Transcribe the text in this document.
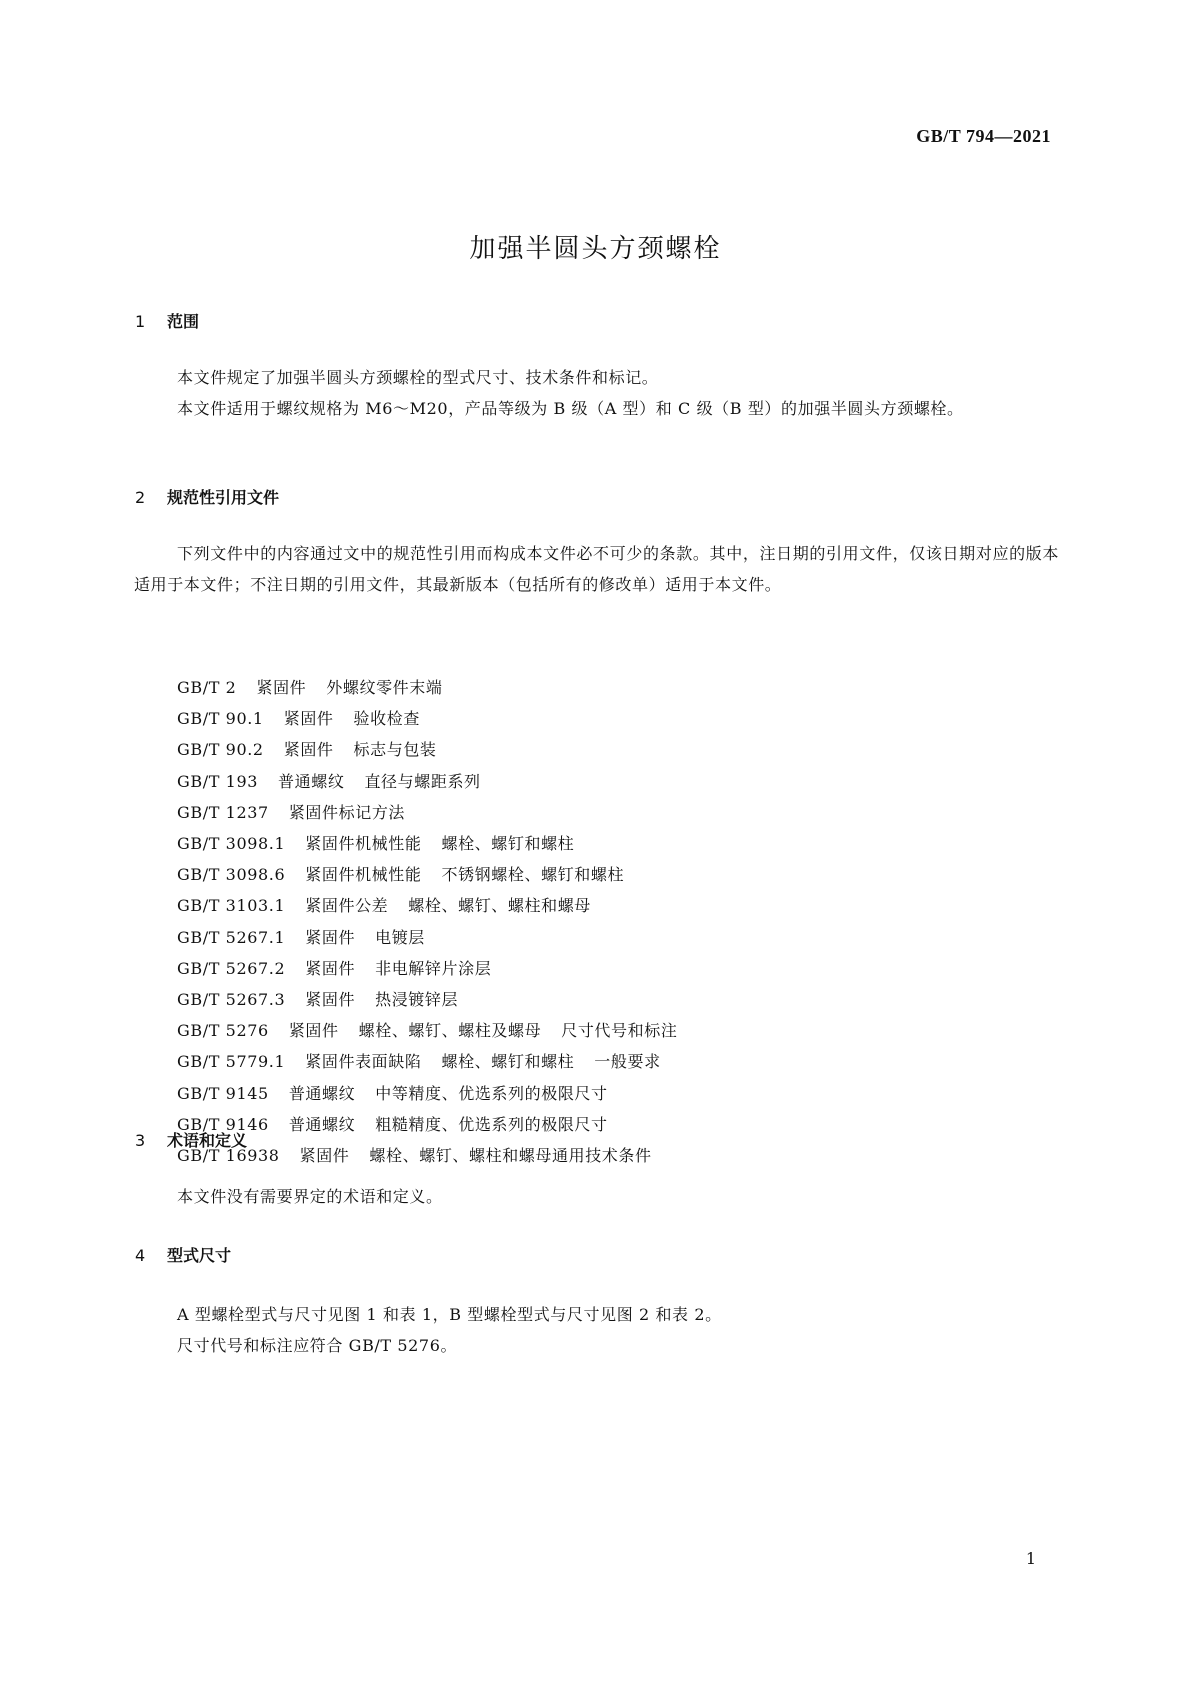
GB/T 794—2021
加强半圆头方颈螺栓
1 范围
本文件规定了加强半圆头方颈螺栓的型式尺寸、技术条件和标记。
本文件适用于螺纹规格为 M6～M20，产品等级为 B 级（A 型）和 C 级（B 型）的加强半圆头方颈螺栓。
2 规范性引用文件
下列文件中的内容通过文中的规范性引用而构成本文件必不可少的条款。其中，注日期的引用文件，仅该日期对应的版本适用于本文件；不注日期的引用文件，其最新版本（包括所有的修改单）适用于本文件。
GB/T 2 紧固件 外螺纹零件末端
GB/T 90.1 紧固件 验收检查
GB/T 90.2 紧固件 标志与包装
GB/T 193 普通螺纹 直径与螺距系列
GB/T 1237 紧固件标记方法
GB/T 3098.1 紧固件机械性能 螺栓、螺钉和螺柱
GB/T 3098.6 紧固件机械性能 不锈钢螺栓、螺钉和螺柱
GB/T 3103.1 紧固件公差 螺栓、螺钉、螺柱和螺母
GB/T 5267.1 紧固件 电镀层
GB/T 5267.2 紧固件 非电解锌片涂层
GB/T 5267.3 紧固件 热浸镀锌层
GB/T 5276 紧固件 螺栓、螺钉、螺柱及螺母 尺寸代号和标注
GB/T 5779.1 紧固件表面缺陷 螺栓、螺钉和螺柱 一般要求
GB/T 9145 普通螺纹 中等精度、优选系列的极限尺寸
GB/T 9146 普通螺纹 粗糙精度、优选系列的极限尺寸
GB/T 16938 紧固件 螺栓、螺钉、螺柱和螺母通用技术条件
3 术语和定义
本文件没有需要界定的术语和定义。
4 型式尺寸
A 型螺栓型式与尺寸见图 1 和表 1，B 型螺栓型式与尺寸见图 2 和表 2。
尺寸代号和标注应符合 GB/T 5276。
1
